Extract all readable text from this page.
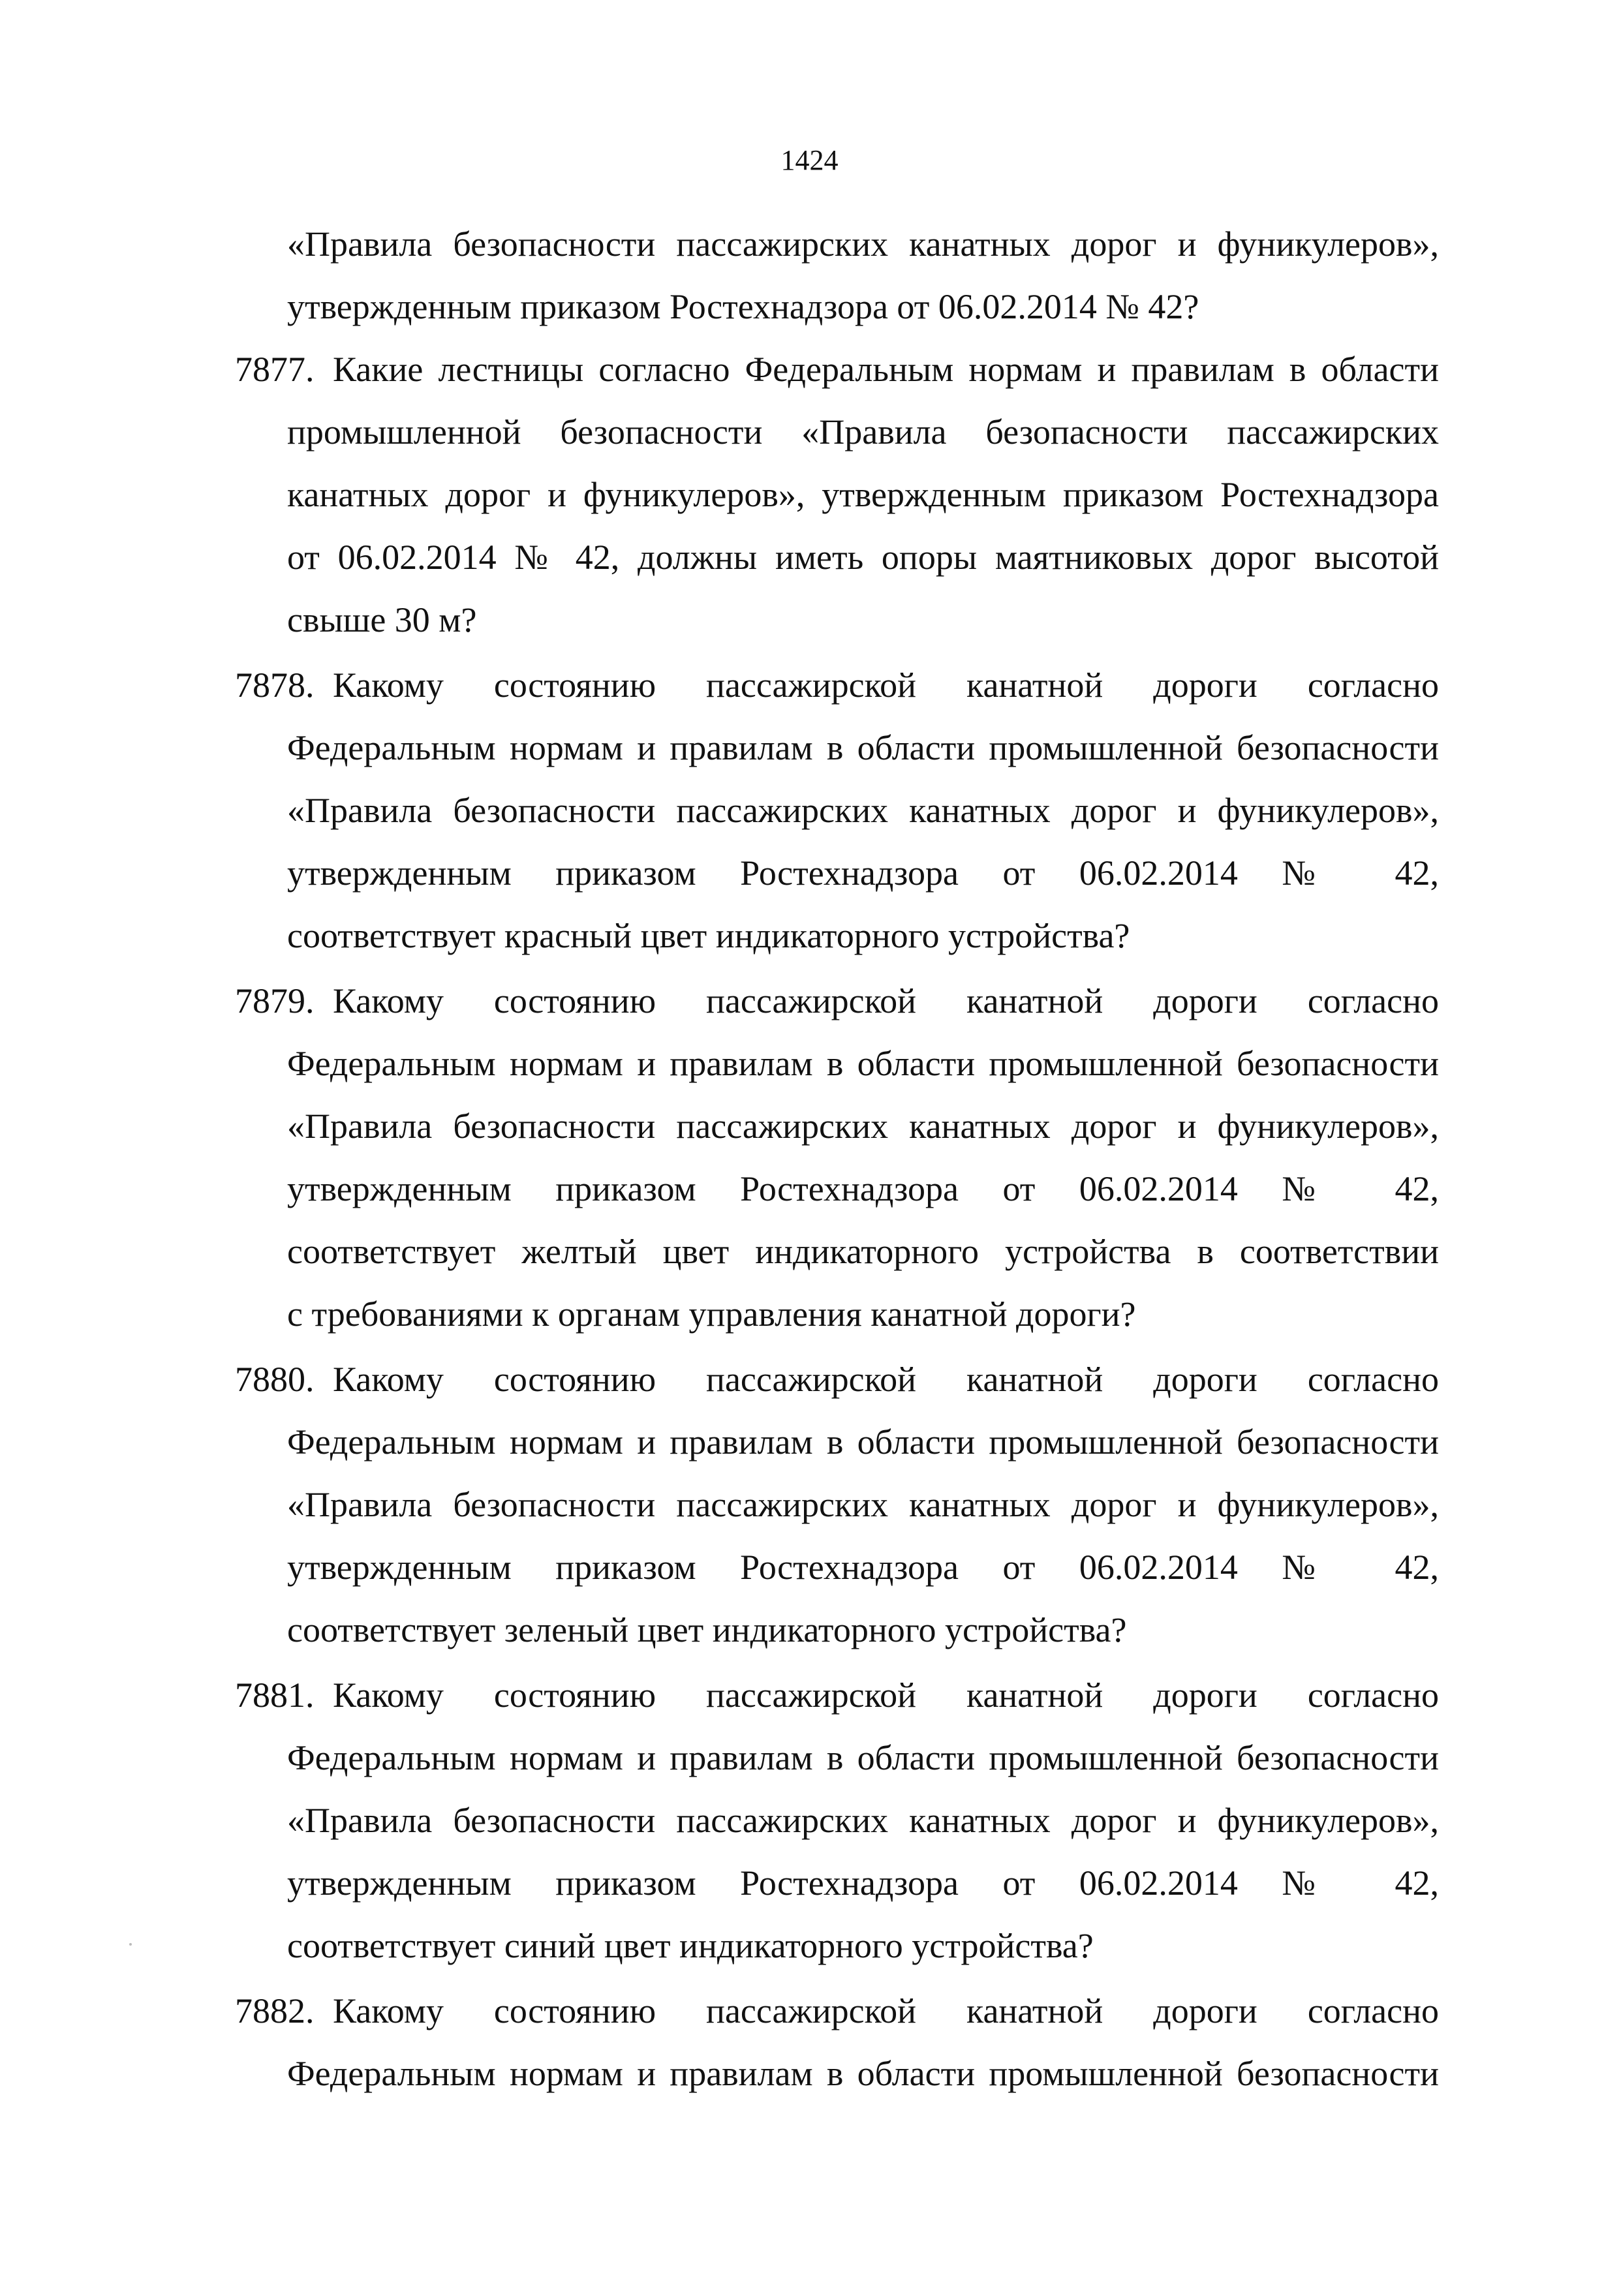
1424
«Правила безопасности пассажирских канатных дорог и фуникулеров»,
утвержденным приказом Ростехнадзора от 06.02.2014 № 42?
7877. Какие лестницы согласно Федеральным нормам и правилам в области
промышленной безопасности «Правила безопасности пассажирских
канатных дорог и фуникулеров», утвержденным приказом Ростехнадзора
от 06.02.2014 № 42, должны иметь опоры маятниковых дорог высотой
свыше 30 м?
7878. Какому состоянию пассажирской канатной дороги согласно
Федеральным нормам и правилам в области промышленной безопасности
«Правила безопасности пассажирских канатных дорог и фуникулеров»,
утвержденным приказом Ростехнадзора от 06.02.2014 № 42,
соответствует красный цвет индикаторного устройства?
7879. Какому состоянию пассажирской канатной дороги согласно
Федеральным нормам и правилам в области промышленной безопасности
«Правила безопасности пассажирских канатных дорог и фуникулеров»,
утвержденным приказом Ростехнадзора от 06.02.2014 № 42,
соответствует желтый цвет индикаторного устройства в соответствии
с требованиями к органам управления канатной дороги?
7880. Какому состоянию пассажирской канатной дороги согласно
Федеральным нормам и правилам в области промышленной безопасности
«Правила безопасности пассажирских канатных дорог и фуникулеров»,
утвержденным приказом Ростехнадзора от 06.02.2014 № 42,
соответствует зеленый цвет индикаторного устройства?
7881. Какому состоянию пассажирской канатной дороги согласно
Федеральным нормам и правилам в области промышленной безопасности
«Правила безопасности пассажирских канатных дорог и фуникулеров»,
утвержденным приказом Ростехнадзора от 06.02.2014 № 42,
соответствует синий цвет индикаторного устройства?
7882. Какому состоянию пассажирской канатной дороги согласно
Федеральным нормам и правилам в области промышленной безопасности
